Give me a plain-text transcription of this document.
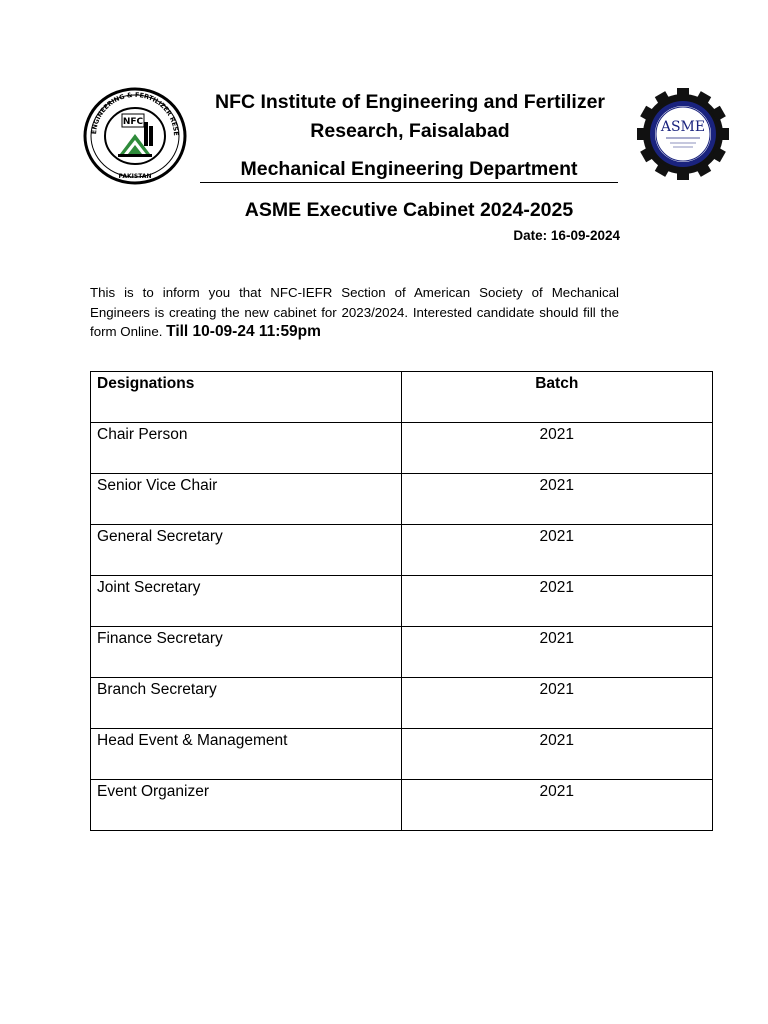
ENGINEERING & FERTILIZER RESE
PAKISTAN
NFC	ASME
NFC Institute of Engineering and Fertilizer
Research, Faisalabad
Mechanical Engineering Department
ASME Executive Cabinet 2024-2025
Date: 16-09-2024

This is to inform you that NFC-IEFR Section of American Society of Mechanical Engineers is creating the new cabinet for 2023/2024. Interested candidate should fill the form Online. Till 10-09-24 11:59pm

Designations	Batch
Chair Person	2021
Senior Vice Chair	2021
General Secretary	2021
Joint Secretary	2021
Finance Secretary	2021
Branch Secretary	2021
Head Event & Management	2021
Event Organizer	2021
